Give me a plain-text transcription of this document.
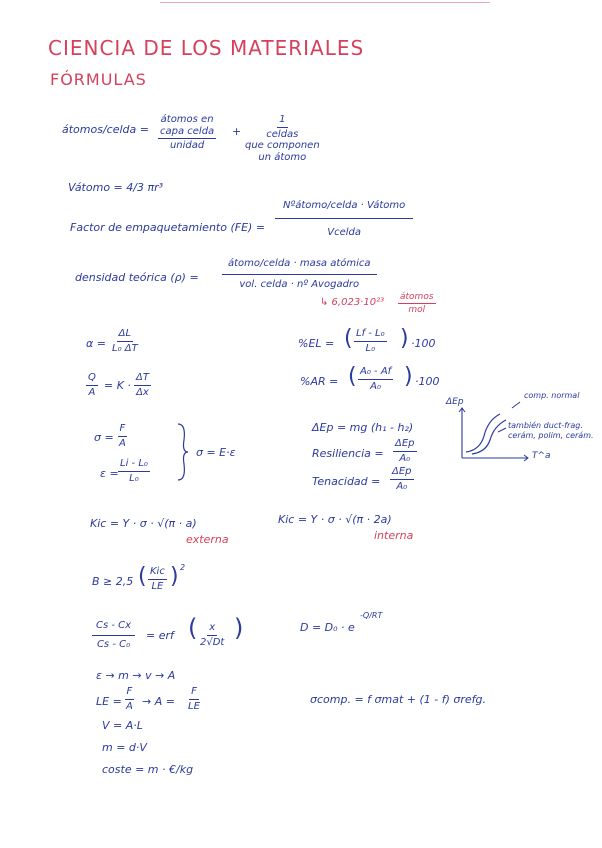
CIENCIA DE LOS MATERIALES
FÓRMULAS
átomos/celda =
átomos en
capa celda
unidad
+
1
celdas
que componen
un átomo
Vátomo = 4/3 πr³
Factor de empaquetamiento (FE) =
Nºátomo/celda · Vátomo
Vcelda
densidad teórica (ρ) =
átomo/celda · masa atómica
vol. celda · nº Avogadro
↳ 6,023·10²³ átomos
mol
$\alpha = \frac{\Delta L}{\text{L₀ ΔT}}$	%EL = ( $\frac{\text{Lf - L₀}}{\text{L₀}}$ ) ·100
$\frac{Q}{A} = K \cdot \frac{\Delta T}{\Delta x}$	%AR = ( $\frac{\text{A₀ - Af}}{\text{A₀}}$ ) ·100
$\sigma = \frac{F}{A}$
$\varepsilon = \frac{\text{Li - L₀}}{\text{L₀}}$
σ = E·ε
ΔEp = mg (h₁ - h₂)
Resiliencia =
ΔEp
A₀
Tenacidad =
ΔEp
A₀
ΔEp
T^a
comp. normal
también duct-frag.
cerám, polim, cerám.
Kic = Y · σ · √(π · a)
externa
Kic = Y · σ · √(π · 2a)
interna
B ≥ 2,5 ( Kic
LE ) 2
$\frac{Cs - Cx}{\text{Cs - C₀}}$ = erf ( $\frac{x}{2√Dt}$ )	D = D₀ · e
-Q/RT
ε → m → v → A
LE = $\frac{F}{A} \to A = \frac{F}{LE}$
V = A·L
m = d·V
coste = m · €/kg
σcomp. = f σmat + (1 - f) σrefg.
